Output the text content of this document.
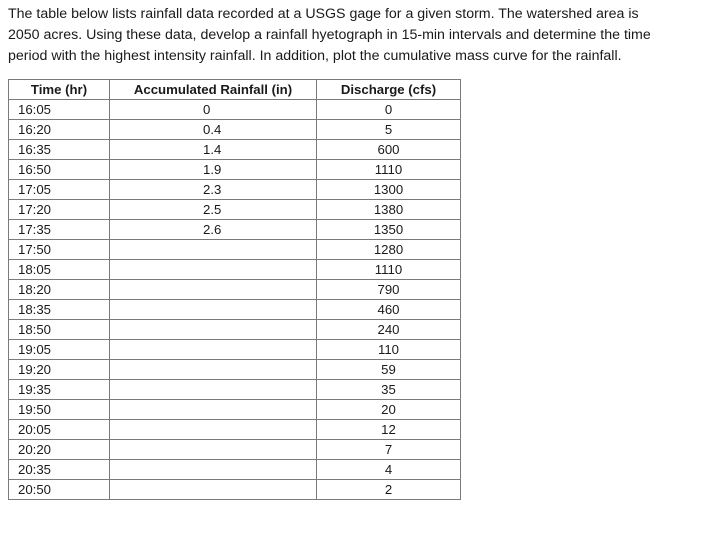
The table below lists rainfall data recorded at a USGS gage for a given storm. The watershed area is
2050 acres. Using these data, develop a rainfall hyetograph in 15-min intervals and determine the time
period with the highest intensity rainfall. In addition, plot the cumulative mass curve for the rainfall.
Time (hr)	Accumulated Rainfall (in)	Discharge (cfs)
16:05	0	0
16:20	0.4	5
16:35	1.4	600
16:50	1.9	1110
17:05	2.3	1300
17:20	2.5	1380
17:35	2.6	1350
17:50		1280
18:05		1110
18:20		790
18:35		460
18:50		240
19:05		110
19:20		59
19:35		35
19:50		20
20:05		12
20:20		7
20:35		4
20:50		2
